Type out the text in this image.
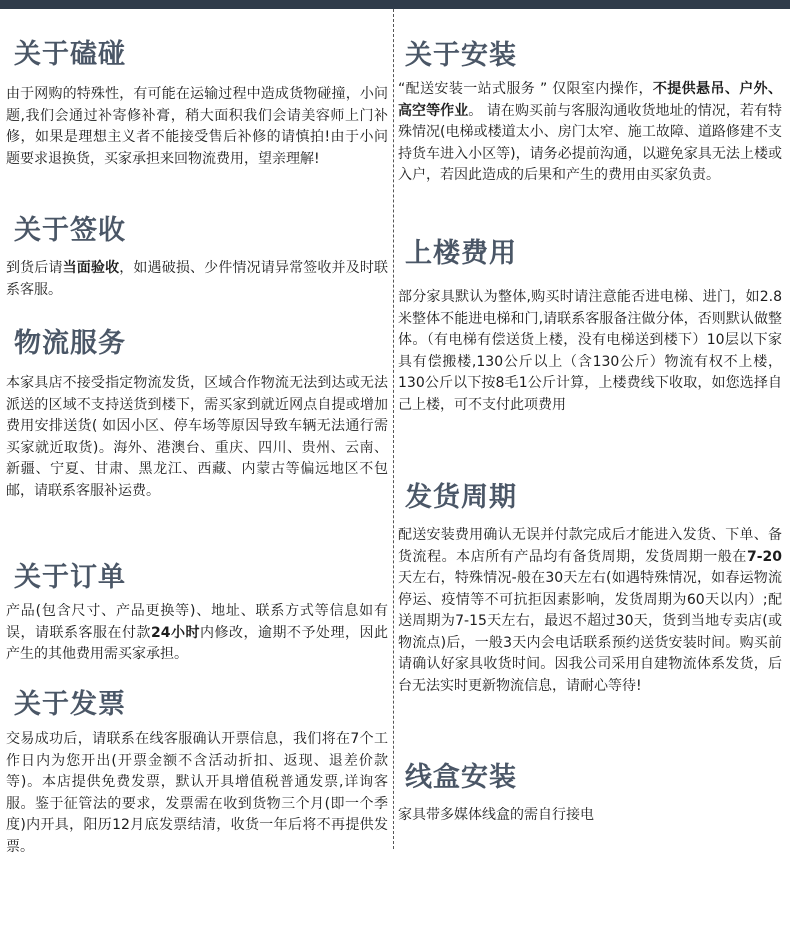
关于磕碰

由于网购的特殊性，有可能在运输过程中造成货物碰撞，小问题,我们会通过补寄修补膏，稍大面积我们会请美容师上门补修，如果是理想主义者不能接受售后补修的请慎拍!由于小问题要求退换货，买家承担来回物流费用，望亲理解!

关于签收

到货后请当面验收，如遇破损、少件情况请异常签收并及时联系客服。

物流服务

本家具店不接受指定物流发货，区域合作物流无法到达或无法派送的区域不支持送货到楼下，需买家到就近网点自提或增加费用安排送货( 如因小区、停车场等原因导致车辆无法通行需买家就近取货)。海外、港澳台、重庆、四川、贵州、云南、新疆、宁夏、甘肃、黑龙江、西藏、内蒙古等偏远地区不包邮，请联系客服补运费。

关于订单

产品(包含尺寸、产品更换等)、地址、联系方式等信息如有误，请联系客服在付款24小时内修改，逾期不予处理，因此产生的其他费用需买家承担。

关于发票

交易成功后，请联系在线客服确认开票信息，我们将在7个工作日内为您开出(开票金额不含活动折扣、返现、退差价款等)。本店提供免费发票，默认开具增值税普通发票,详询客服。鉴于征管法的要求，发票需在收到货物三个月(即一个季度)内开具，阳历12月底发票结清，收货一年后将不再提供发票。

关于安装

“配送安装一站式服务 ” 仅限室内操作，不提供悬吊、户外、高空等作业。 请在购买前与客服沟通收货地址的情况，若有特殊情况(电梯或楼道太小、房门太窄、施工故障、道路修建不支持货车进入小区等)，请务必提前沟通，以避免家具无法上楼或入户，若因此造成的后果和产生的费用由买家负责。

上楼费用

部分家具默认为整体,购买时请注意能否进电梯、进门，如2.8米整体不能进电梯和门,请联系客服备注做分体，否则默认做整体。（有电梯有偿送货上楼，没有电梯送到楼下）10层以下家具有偿搬楼,130公斤以上（含130公斤）物流有权不上楼，130公斤以下按8毛1公斤计算，上楼费线下收取，如您选择自己上楼，可不支付此项费用

发货周期

配送安装费用确认无误并付款完成后才能进入发货、下单、备货流程。本店所有产品均有备货周期，发货周期一般在7-20天左右，特殊情况-般在30天左右(如遇特殊情况，如春运物流停运、疫情等不可抗拒因素影响，发货周期为60天以内）;配送周期为7-15天左右，最迟不超过30天，货到当地专卖店(或物流点)后，一般3天内会电话联系预约送货安装时间。购买前请确认好家具收货时间。因我公司采用自建物流体系发货，后台无法实时更新物流信息，请耐心等待!

线盒安装

家具带多媒体线盒的需自行接电
